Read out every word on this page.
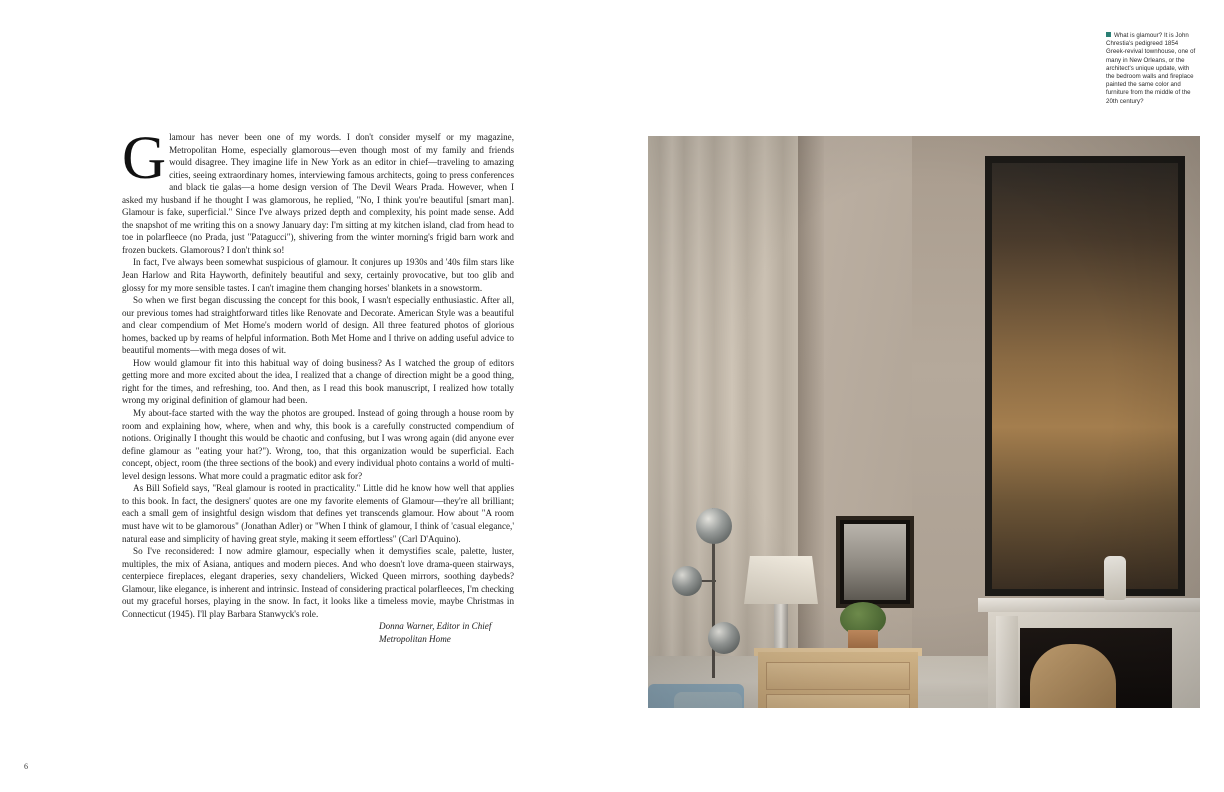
What is glamour? It is John Chrestia's pedigreed 1854 Greek-revival townhouse, one of many in New Orleans, or the architect's unique update, with the bedroom walls and fireplace painted the same color and furniture from the middle of the 20th century?

Glamour has never been one of my words. I don't consider myself or my magazine, Metropolitan Home, especially glamorous—even though most of my family and friends would disagree. They imagine life in New York as an editor in chief—traveling to amazing cities, seeing extraordinary homes, interviewing famous architects, going to press conferences and black tie galas—a home design version of The Devil Wears Prada. However, when I asked my husband if he thought I was glamorous, he replied, "No, I think you're beautiful [smart man]. Glamour is fake, superficial." Since I've always prized depth and complexity, his point made sense. Add the snapshot of me writing this on a snowy January day: I'm sitting at my kitchen island, clad from head to toe in polarfleece (no Prada, just "Patagucci"), shivering from the winter morning's frigid barn work and frozen buckets. Glamorous? I don't think so!

In fact, I've always been somewhat suspicious of glamour. It conjures up 1930s and '40s film stars like Jean Harlow and Rita Hayworth, definitely beautiful and sexy, certainly provocative, but too glib and glossy for my more sensible tastes. I can't imagine them changing horses' blankets in a snowstorm.

So when we first began discussing the concept for this book, I wasn't especially enthusiastic. After all, our previous tomes had straightforward titles like Renovate and Decorate. American Style was a beautiful and clear compendium of Met Home's modern world of design. All three featured photos of glorious homes, backed up by reams of helpful information. Both Met Home and I thrive on adding useful advice to beautiful moments—with mega doses of wit.

How would glamour fit into this habitual way of doing business? As I watched the group of editors getting more and more excited about the idea, I realized that a change of direction might be a good thing, right for the times, and refreshing, too. And then, as I read this book manuscript, I realized how totally wrong my original definition of glamour had been.

My about-face started with the way the photos are grouped. Instead of going through a house room by room and explaining how, where, when and why, this book is a carefully constructed compendium of notions. Originally I thought this would be chaotic and confusing, but I was wrong again (did anyone ever define glamour as "eating your hat?"). Wrong, too, that this organization would be superficial. Each concept, object, room (the three sections of the book) and every individual photo contains a world of multi-level design lessons. What more could a pragmatic editor ask for?

As Bill Sofield says, "Real glamour is rooted in practicality." Little did he know how well that applies to this book. In fact, the designers' quotes are one my favorite elements of Glamour—they're all brilliant; each a small gem of insightful design wisdom that defines yet transcends glamour. How about "A room must have wit to be glamorous" (Jonathan Adler) or "When I think of glamour, I think of 'casual elegance,' natural ease and simplicity of having great style, making it seem effortless" (Carl D'Aquino).

So I've reconsidered: I now admire glamour, especially when it demystifies scale, palette, luster, multiples, the mix of Asiana, antiques and modern pieces. And who doesn't love drama-queen stairways, centerpiece fireplaces, elegant draperies, sexy chandeliers, Wicked Queen mirrors, soothing daybeds? Glamour, like elegance, is inherent and intrinsic. Instead of considering practical polarfleeces, I'm checking out my graceful horses, playing in the snow. In fact, it looks like a timeless movie, maybe Christmas in Connecticut (1945). I'll play Barbara Stanwyck's role.

Donna Warner, Editor in Chief

Metropolitan Home

6
